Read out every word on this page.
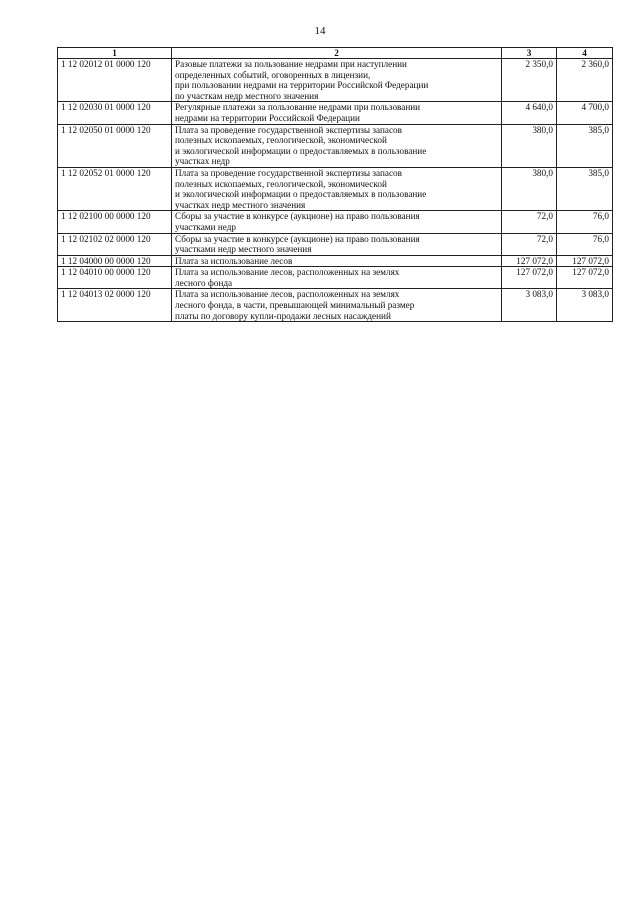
14
1	2	3	4
1 12 02012 01 0000 120	Разовые платежи за пользование недрами при наступлении
определенных событий, оговоренных в лицензии,
при пользовании недрами на территории Российской Федерации
по участкам недр местного значения	2 350,0	2 360,0
1 12 02030 01 0000 120	Регулярные платежи за пользование недрами при пользовании
недрами на территории Российской Федерации	4 640,0	4 700,0
1 12 02050 01 0000 120	Плата за проведение государственной экспертизы запасов
полезных ископаемых, геологической, экономической
и экологической информации о предоставляемых в пользование
участках недр	380,0	385,0
1 12 02052 01 0000 120	Плата за проведение государственной экспертизы запасов
полезных ископаемых, геологической, экономической
и экологической информации о предоставляемых в пользование
участках недр местного значения	380,0	385,0
1 12 02100 00 0000 120	Сборы за участие в конкурсе (аукционе) на право пользования
участками недр	72,0	76,0
1 12 02102 02 0000 120	Сборы за участие в конкурсе (аукционе) на право пользования
участками недр местного значения	72,0	76,0
1 12 04000 00 0000 120	Плата за использование лесов	127 072,0	127 072,0
1 12 04010 00 0000 120	Плата за использование лесов, расположенных на землях
лесного фонда	127 072,0	127 072,0
1 12 04013 02 0000 120	Плата за использование лесов, расположенных на землях
лесного фонда, в части, превышающей минимальный размер
платы по договору купли-продажи лесных насаждений	3 083,0	3 083,0
